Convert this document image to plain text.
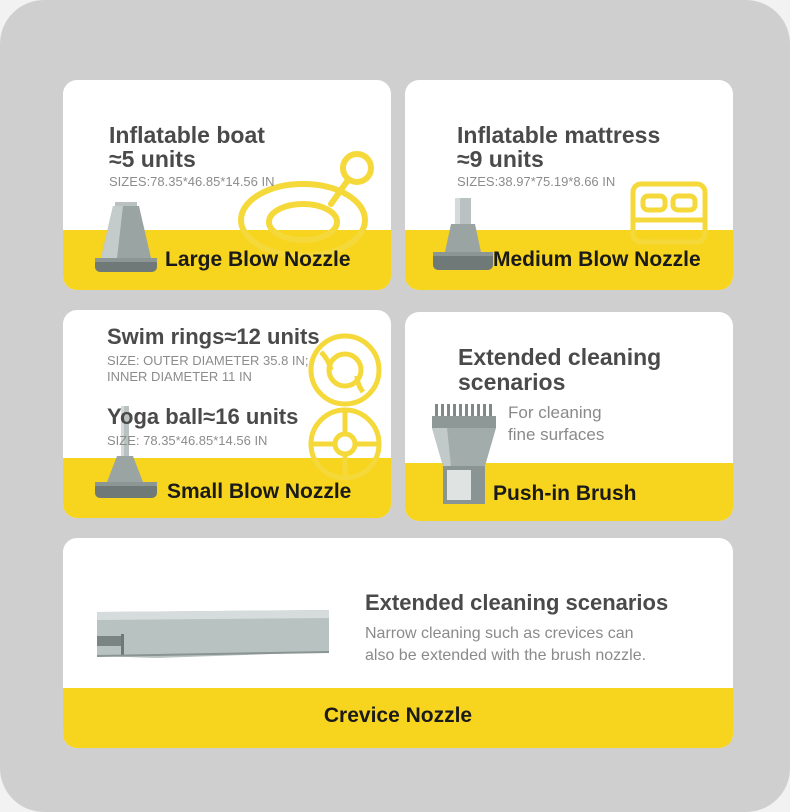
Inflatable boat
≈5 units
SIZES:78.35*46.85*14.56 IN
Large Blow Nozzle
Inflatable mattress
≈9 units
SIZES:38.97*75.19*8.66 IN
Medium Blow Nozzle
Swim rings≈12 units
SIZE: OUTER DIAMETER 35.8 IN;
INNER DIAMETER 11 IN
Yoga ball≈16 units
SIZE: 78.35*46.85*14.56 IN
Small Blow Nozzle
Extended cleaning
scenarios
For cleaning
fine surfaces
Push-in Brush
Extended cleaning scenarios
Narrow cleaning such as crevices can
also be extended with the brush nozzle.
Crevice Nozzle
